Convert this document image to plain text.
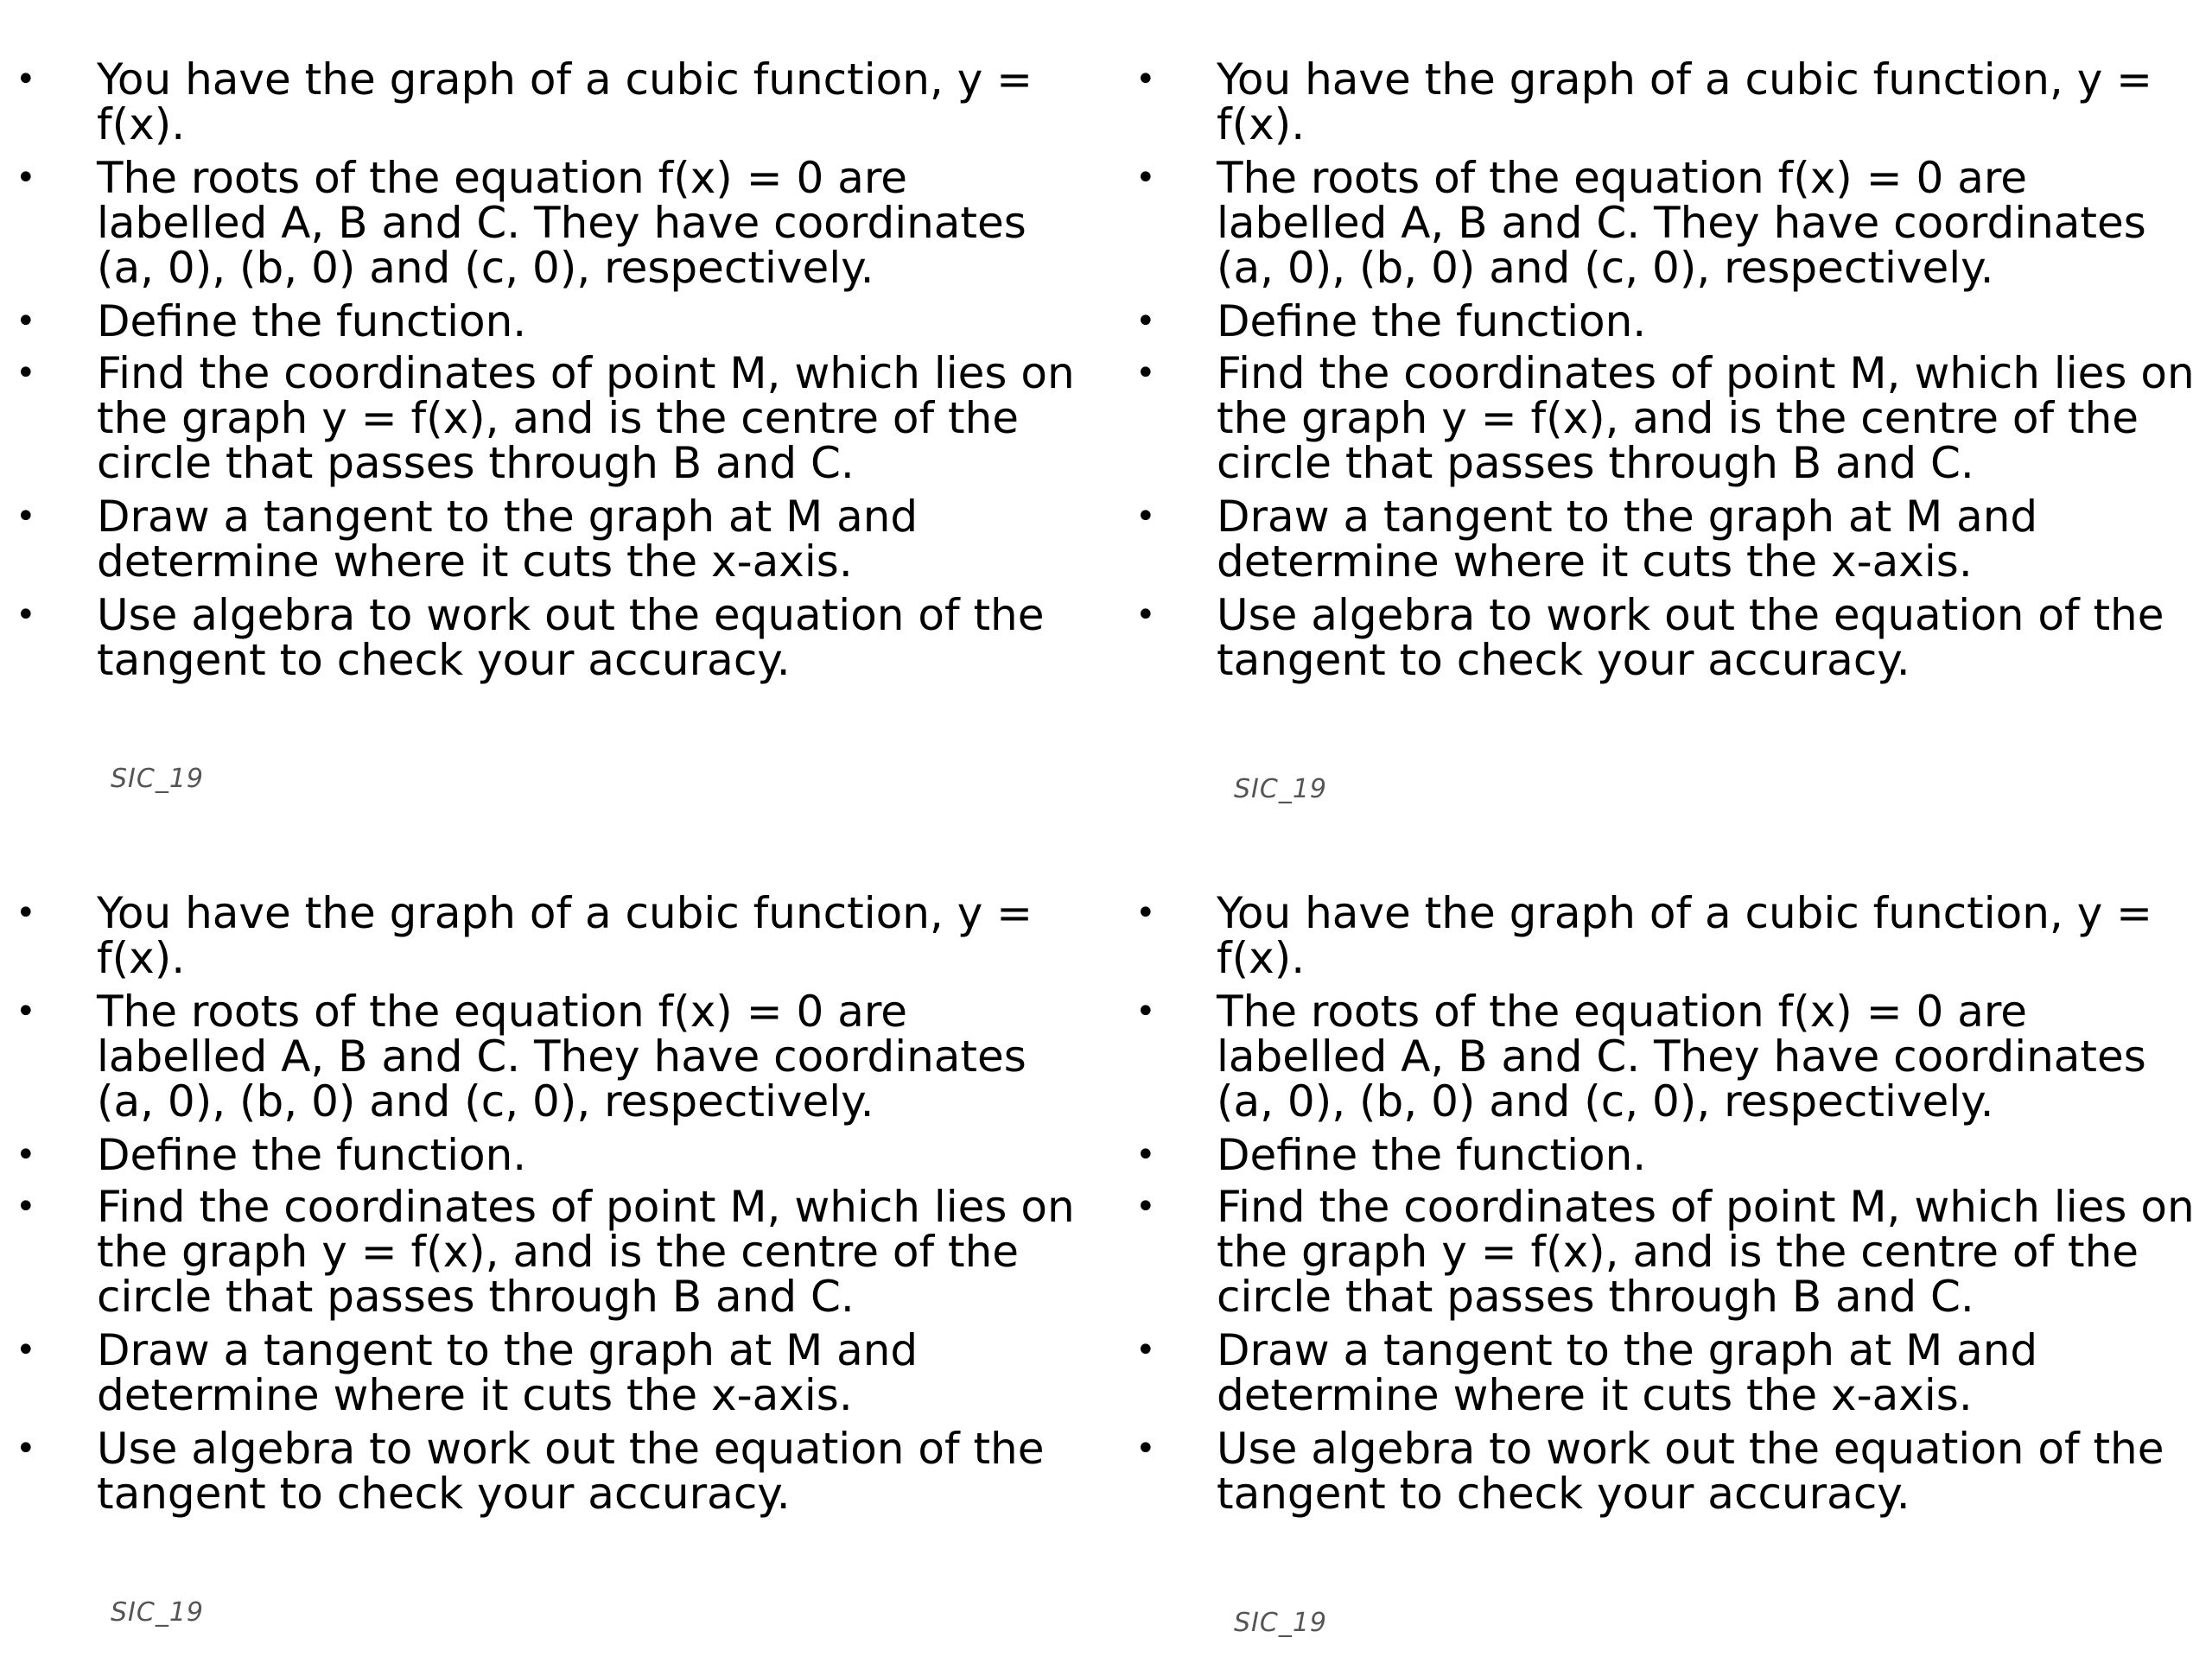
•	You have the graph of a cubic function, y =
f(x).
•	The roots of the equation f(x) = 0 are
labelled A, B and C. They have coordinates
(a, 0), (b, 0) and (c, 0), respectively.
•	Define the function.
•	Find the coordinates of point M, which lies on
the graph y = f(x), and is the centre of the
circle that passes through B and C.
•	Draw a tangent to the graph at M and
determine where it cuts the x-axis.
•	Use algebra to work out the equation of the
tangent to check your accuracy.
SIC_19
•	You have the graph of a cubic function, y =
f(x).
•	The roots of the equation f(x) = 0 are
labelled A, B and C. They have coordinates
(a, 0), (b, 0) and (c, 0), respectively.
•	Define the function.
•	Find the coordinates of point M, which lies on
the graph y = f(x), and is the centre of the
circle that passes through B and C.
•	Draw a tangent to the graph at M and
determine where it cuts the x-axis.
•	Use algebra to work out the equation of the
tangent to check your accuracy.
SIC_19
•	You have the graph of a cubic function, y =
f(x).
•	The roots of the equation f(x) = 0 are
labelled A, B and C. They have coordinates
(a, 0), (b, 0) and (c, 0), respectively.
•	Define the function.
•	Find the coordinates of point M, which lies on
the graph y = f(x), and is the centre of the
circle that passes through B and C.
•	Draw a tangent to the graph at M and
determine where it cuts the x-axis.
•	Use algebra to work out the equation of the
tangent to check your accuracy.
SIC_19
•	You have the graph of a cubic function, y =
f(x).
•	The roots of the equation f(x) = 0 are
labelled A, B and C. They have coordinates
(a, 0), (b, 0) and (c, 0), respectively.
•	Define the function.
•	Find the coordinates of point M, which lies on
the graph y = f(x), and is the centre of the
circle that passes through B and C.
•	Draw a tangent to the graph at M and
determine where it cuts the x-axis.
•	Use algebra to work out the equation of the
tangent to check your accuracy.
SIC_19
